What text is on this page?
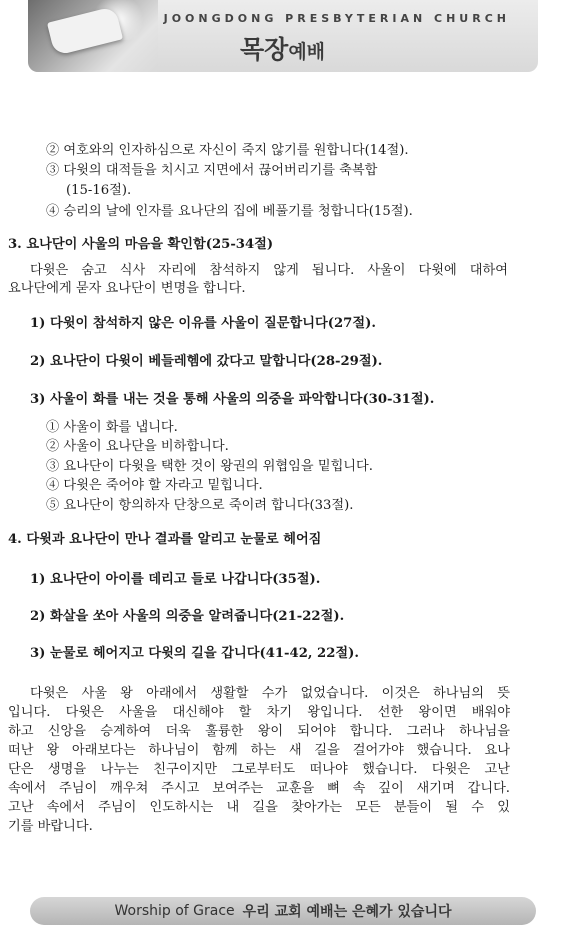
JOONGDONG PRESBYTERIAN CHURCH
목장예배
② 여호와의 인자하심으로 자신이 죽지 않기를 원합니다(14절).
③ 다윗의 대적들을 치시고 지면에서 끊어버리기를 축복합
(15-16절).
④ 승리의 날에 인자를 요나단의 집에 베풀기를 청합니다(15절).
3. 요나단이 사울의 마음을 확인함(25-34절)
다윗은 숨고 식사 자리에 참석하지 않게 됩니다. 사울이 다윗에 대하여
요나단에게 묻자 요나단이 변명을 합니다.
1) 다윗이 참석하지 않은 이유를 사울이 질문합니다(27절).
2) 요나단이 다윗이 베들레헴에 갔다고 말합니다(28-29절).
3) 사울이 화를 내는 것을 통해 사울의 의중을 파악합니다(30-31절).
① 사울이 화를 냅니다.
② 사울이 요나단을 비하합니다.
③ 요나단이 다윗을 택한 것이 왕권의 위협임을 밑힙니다.
④ 다윗은 죽어야 할 자라고 밑힙니다.
⑤ 요나단이 항의하자 단창으로 죽이려 합니다(33절).
4. 다윗과 요나단이 만나 결과를 알리고 눈물로 헤어짐
1) 요나단이 아이를 데리고 들로 나갑니다(35절).
2) 화살을 쏘아 사울의 의중을 알려줍니다(21-22절).
3) 눈물로 헤어지고 다윗의 길을 갑니다(41-42, 22절).
다윗은 사울 왕 아래에서 생활할 수가 없었습니다. 이것은 하나님의 뜻
입니다. 다윗은 사울을 대신해야 할 차기 왕입니다. 선한 왕이면 배워야
하고 신앙을 승계하여 더욱 훌륭한 왕이 되어야 합니다. 그러나 하나님을
떠난 왕 아래보다는 하나님이 함께 하는 새 길을 걸어가야 했습니다. 요나
단은 생명을 나누는 친구이지만 그로부터도 떠나야 했습니다. 다윗은 고난
속에서 주님이 깨우쳐 주시고 보여주는 교훈을 뼈 속 깊이 새기며 갑니다.
고난 속에서 주님이 인도하시는 내 길을 찾아가는 모든 분들이 될 수 있
기를 바랍니다.
Worship of Grace 우리 교회 예배는 은혜가 있습니다
